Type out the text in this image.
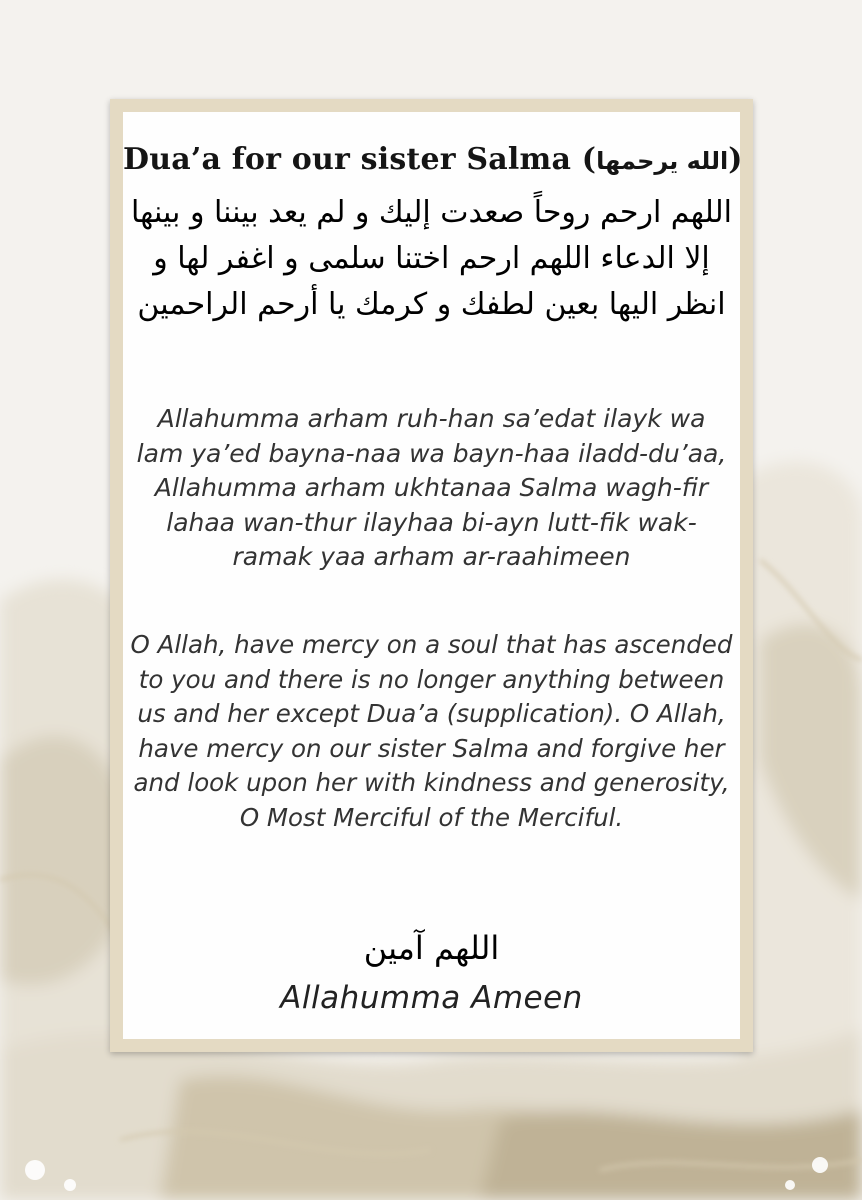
Dua’a for our sister Salma (الله يرحمها)
اللهم ارحم روحاً صعدت إليك و لم يعد بيننا و بينها إلا الدعاء اللهم ارحم اختنا سلمى و اغفر لها و انظر اليها بعين لطفك و كرمك يا أرحم الراحمين
Allahumma arham ruh-han sa’edat ilayk wa lam ya’ed bayna-naa wa bayn-haa iladd-du’aa, Allahumma arham ukhtanaa Salma wagh-fir lahaa wan-thur ilayhaa bi-ayn lutt-fik wak-ramak yaa arham ar-raahimeen
O Allah, have mercy on a soul that has ascended to you and there is no longer anything between us and her except Dua’a (supplication). O Allah, have mercy on our sister Salma and forgive her and look upon her with kindness and generosity, O Most Merciful of the Merciful.
اللهم آمين
Allahumma Ameen
